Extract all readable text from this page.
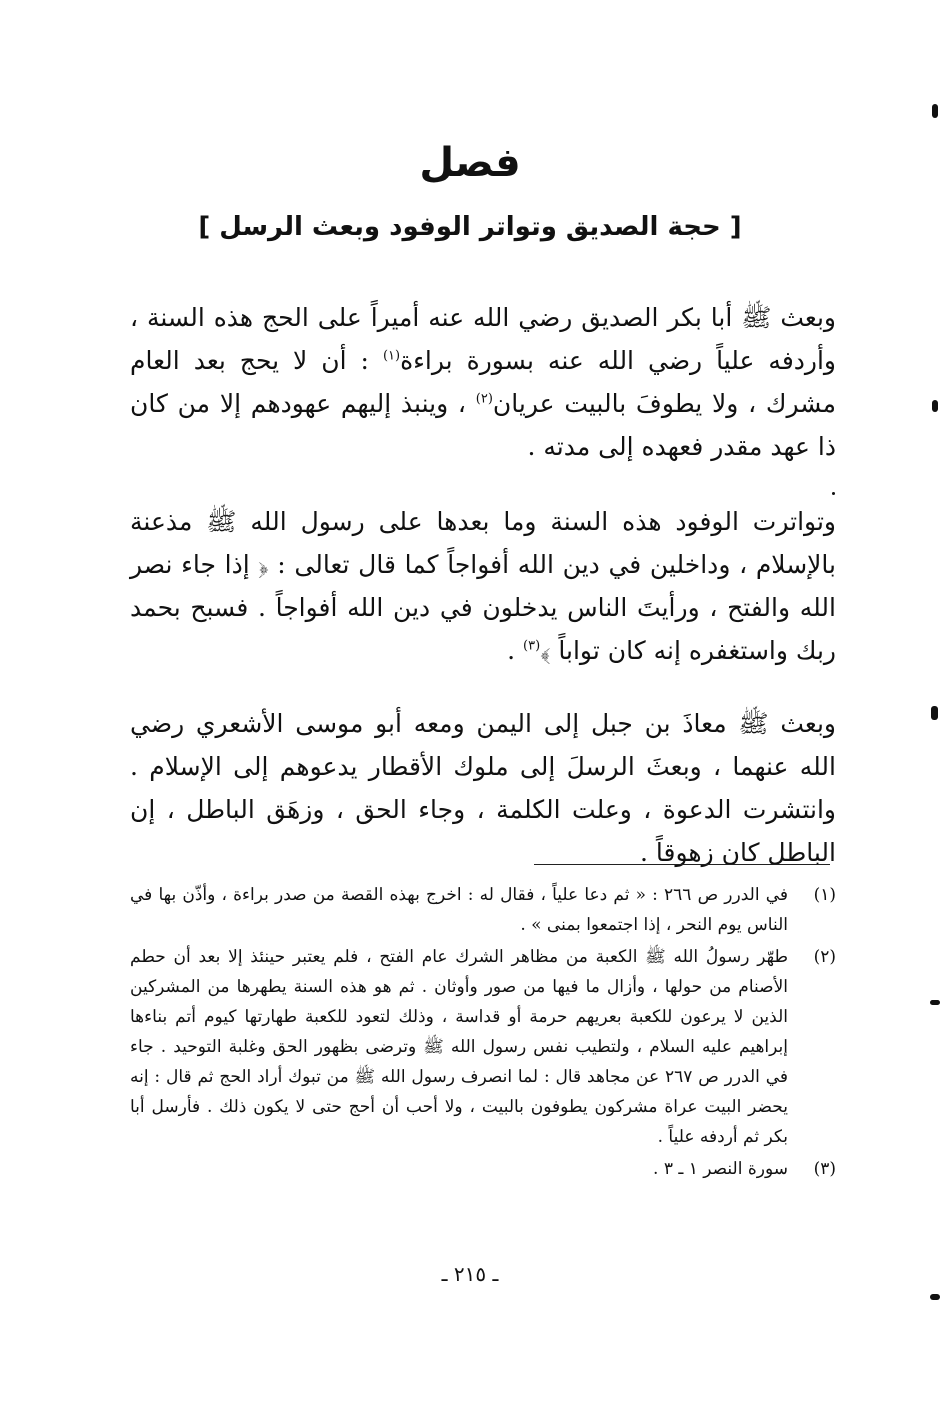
فصل
[ حجة الصديق وتواتر الوفود وبعث الرسل ]
وبعث ﷺ أبا بكر الصديق رضي الله عنه أميراً على الحج هذه السنة ، وأردفه علياً رضي الله عنه بسورة براءة$^{(١)}$ : أن لا يحج بعد العام مشرك ، ولا يطوفَ بالبيت عريان$^{(٢)}$ ، وينبذ إليهم عهودهم إلا من كان ذا عهد مقدر فعهده إلى مدته .
وتواترت الوفود هذه السنة وما بعدها على رسول الله ﷺ مذعنة بالإسلام ، وداخلين في دين الله أفواجاً كما قال تعالى : ﴿ إذا جاء نصر الله والفتح ، ورأيتَ الناس يدخلون في دين الله أفواجاً . فسبح بحمد ربك واستغفره إنه كان تواباً ﴾$^{(٣)}$ .
وبعث ﷺ معاذَ بن جبل إلى اليمن ومعه أبو موسى الأشعري رضي الله عنهما ، وبعثَ الرسلَ إلى ملوك الأقطار يدعوهم إلى الإسلام . وانتشرت الدعوة ، وعلت الكلمة ، وجاء الحق ، وزهَق الباطل ، إن الباطل كان زهوقاً .
(١)
في الدرر ص ٢٦٦ : « ثم دعا علياً ، فقال له : اخرج بهذه القصة من صدر براءة ، وأذّن بها في الناس يوم النحر ، إذا اجتمعوا بمنى » .
(٢)
طهّر رسولُ الله ﷺ الكعبة من مظاهر الشرك عام الفتح ، فلم يعتبر حينئذ إلا بعد أن حطم الأصنام من حولها ، وأزال ما فيها من صور وأوثان . ثم هو هذه السنة يطهرها من المشركين الذين لا يرعون للكعبة بعريهم حرمة أو قداسة ، وذلك لتعود للكعبة طهارتها كيوم أتم بناءها إبراهيم عليه السلام ، ولتطيب نفس رسول الله ﷺ وترضى بظهور الحق وغلبة التوحيد . جاء في الدرر ص ٢٦٧ عن مجاهد قال : لما انصرف رسول الله ﷺ من تبوك أراد الحج ثم قال : إنه يحضر البيت عراة مشركون يطوفون بالبيت ، ولا أحب أن أحج حتى لا يكون ذلك . فأرسل أبا بكر ثم أردفه علياً .
(٣)
سورة النصر ١ ـ ٣ .
ـ ٢١٥ ـ
